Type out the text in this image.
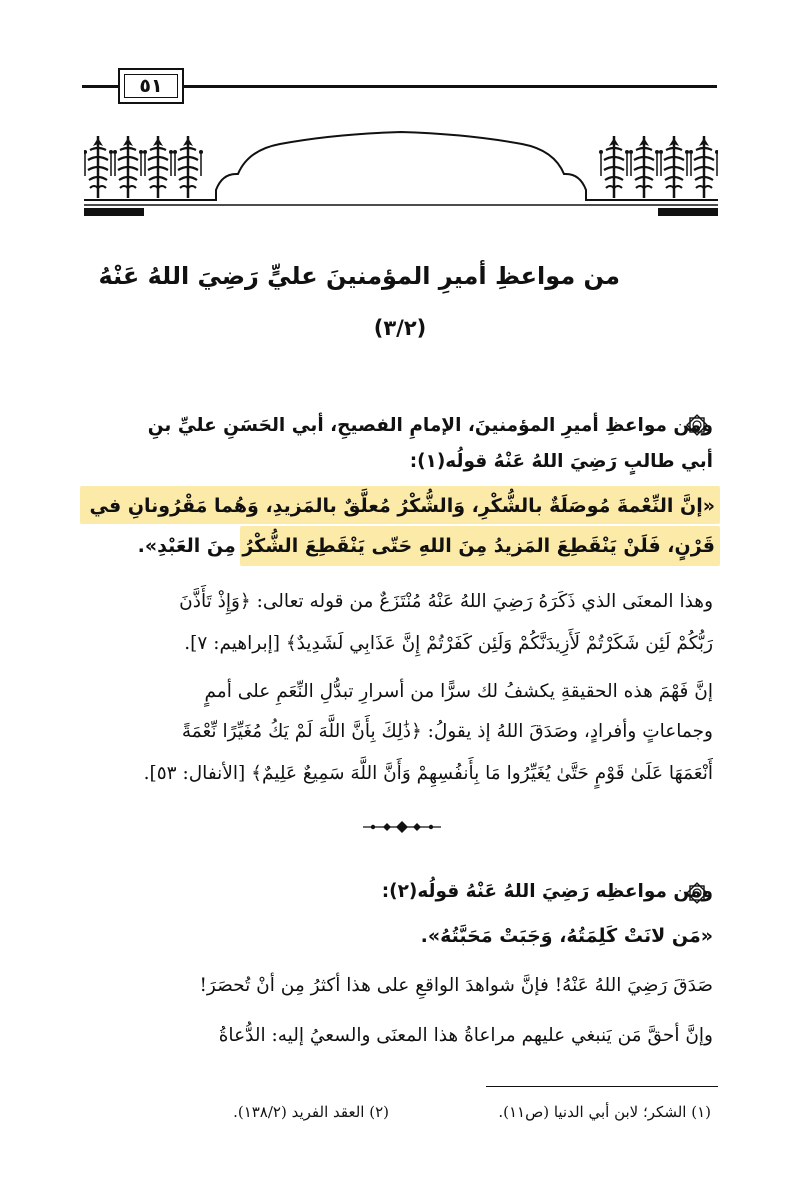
٥١
من مواعظِ أميرِ المؤمنينَ عليٍّ رَضِيَ اللهُ عَنْهُ
(٣/٢)
ومن مواعظِ أميرِ المؤمنينَ، الإمامِ الفصيحِ، أبي الحَسَنِ عليِّ بنِ
أبي طالبٍ رَضِيَ اللهُ عَنْهُ قولُه(١):
«إنَّ النِّعْمةَ مُوصَلَةٌ بالشُّكْرِ، وَالشُّكْرُ مُعلَّقٌ بالمَزيدِ، وَهُما مَقْرُونانِ في
قَرْنٍ، فَلَنْ يَنْقَطِعَ المَزيدُ مِنَ اللهِ حَتّى يَنْقَطِعَ الشُّكْرُ مِنَ العَبْدِ».
وهذا المعنَى الذي ذَكَرَهُ رَضِيَ اللهُ عَنْهُ مُنْتَزَعٌ من قوله تعالى: ﴿وَإِذْ تَأَذَّنَ
رَبُّكُمْ لَئِن شَكَرْتُمْ لَأَزِيدَنَّكُمْ وَلَئِن كَفَرْتُمْ إِنَّ عَذَابِي لَشَدِيدٌ﴾ [إبراهيم: ٧].
إنَّ فَهْمَ هذه الحقيقةِ يكشفُ لك سرًّا من أسرارِ تبدُّلِ النِّعَمِ على أممٍ
وجماعاتٍ وأفرادٍ، وصَدَقَ اللهُ إذ يقولُ: ﴿ذَٰلِكَ بِأَنَّ اللَّهَ لَمْ يَكُ مُغَيِّرًا نِّعْمَةً
أَنْعَمَهَا عَلَىٰ قَوْمٍ حَتَّىٰ يُغَيِّرُوا مَا بِأَنفُسِهِمْ وَأَنَّ اللَّهَ سَمِيعٌ عَلِيمٌ﴾ [الأنفال: ٥٣].
ومن مواعظِه رَضِيَ اللهُ عَنْهُ قولُه(٢):
«مَن لانَتْ كَلِمَتُهُ، وَجَبَتْ مَحَبَّتُهُ».
صَدَقَ رَضِيَ اللهُ عَنْهُ! فإنَّ شواهدَ الواقعِ على هذا أكثرُ مِن أنْ تُحصَرَ!
وإنَّ أحقَّ مَن يَنبغي عليهم مراعاةُ هذا المعنَى والسعيُ إليه: الدُّعاةُ
(١) الشكر؛ لابن أبي الدنيا (ص١١).
(٢) العقد الفريد (١٣٨/٢).
